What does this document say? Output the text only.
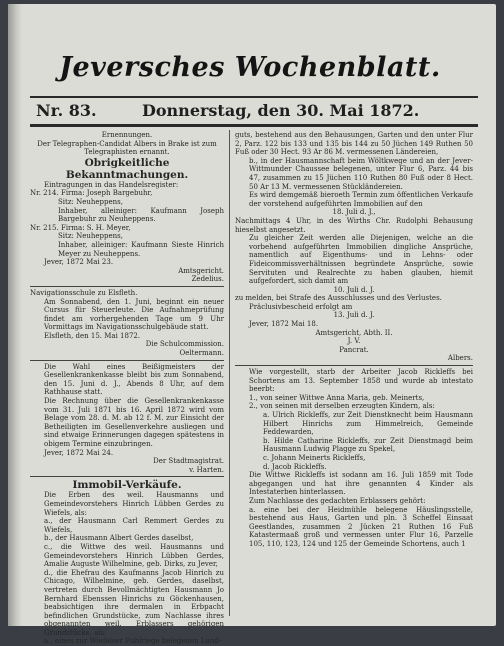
Jeversches Wochenblatt.
Nr. 83.	Donnerstag, den 30. Mai 1872.

Ernennungen.

Der Telegraphen-Candidat Albers in Brake ist zum Telegraphisten ernannt.

Obrigkeitliche Bekanntmachungen.

Eintragungen in das Handelsregister:

Nr. 214. Firma: Joseph Bargebuhr,

Sitz: Neuheppens,

Inhaber, alleiniger: Kaufmann Joseph Bargebuhr zu Neuheppens.

Nr. 215. Firma: S. H. Meyer,

Sitz: Neuheppens,

Inhaber, alleiniger: Kaufmann Sieste Hinrich Meyer zu Neuheppens.

Jever, 1872 Mai 23.

Amtsgericht.

Zedelius.

Navigationsschule zu Elsfleth.

Am Sonnabend, den 1. Juni, beginnt ein neuer Cursus für Steuerleute. Die Aufnahmeprüfung findet am vorhergehenden Tage um 9 Uhr Vormittags im Navigationsschulgebäude statt.

Elsfleth, den 15. Mai 1872.

Die Schulcommission.

Oeltermann.

Die Wahl eines Beißigmeisters der Gesellenkrankenkasse bleibt bis zum Sonnabend, den 15. Juni d. J., Abends 8 Uhr, auf dem Rathhause statt.

Die Rechnung über die Gesellenkrankenkasse vom 31. Juli 1871 bis 16. April 1872 wird vom Belage vom 28. d. M. ab 12 f. M. zur Einsicht der Betheiligten im Gesellenverkehre ausliegen und sind etwaige Erinnerungen dagegen spätestens in obigem Termine einzubringen.

Jever, 1872 Mai 24.

Der Stadtmagistrat.

v. Harten.

Immobil-Verkäufe.

Die Erben des weil. Hausmanns und Gemeindevorstehers Hinrich Lübben Gerdes zu Wiefels, als:

a., der Hausmann Carl Remmert Gerdes zu Wiefels,

b., der Hausmann Albert Gerdes daselbst,

c., die Wittwe des weil. Hausmanns und Gemeindevorstehers Hinrich Lübben Gerdes, Amalie Auguste Wilhelmine, geb. Dirks, zu Jever,

d., die Ehefrau des Kaufmanns Jacob Hinrich zu Chicago, Wilhelmine, geb. Gerdes, daselbst, vertreten durch Bevollmächtigten Hausmann Jo Bernhard Ebenssen Hinrichs zu Göckenhausen, beabsichtigen ihre dermalen in Erbpacht befindlichen Grundstücke, zum Nachlasse ihres obgenannten weil. Erblassers gehörigen Grundstücke, als:

a., eines zur Wiefelser Fuhlriege belegenen Land-

guts, bestehend aus den Behausungen, Garten und den unter Flur 2, Parz. 122 bis 133 und 135 bis 144 zu 50 Jüchen 149 Ruthen 50 Fuß oder 30 Hect. 93 Ar 86 M. vermessenen Ländereien,

b., in der Hausmannschaft beim Wöltkwege und an der Jever-Wittmunder Chaussee belegenen, unter Flur 6, Parz. 44 bis 47, zusammen zu 15 Jüchen 110 Ruthen 80 Fuß oder 8 Hect. 50 Ar 13 M. vermessenen Stückländereien.

Es wird demgemäß bieroeth Termin zum öffentlichen Verkaufe der vorstehend aufgeführten Immobilien auf den

18. Juli d. J.,

Nachmittags 4 Uhr, in des Wirths Chr. Rudolphi Behausung hieselbst angesetzt.

Zu gleicher Zeit werden alle Diejenigen, welche an die vorbehend aufgeführten Immobilien dingliche Ansprüche, namentlich auf Eigenthums- und in Lehns- oder Fideicommissverhältnissen begründete Ansprüche, sowie Servituten und Realrechte zu haben glauben, hiemit aufgefordert, sich damit am

10. Juli d. J.

zu melden, bei Strafe des Ausschlusses und des Verlustes.

Präclusivbescheid erfolgt am

13. Juli d. J.

Jever, 1872 Mai 18.

Amtsgericht, Abth. II.

J. V.

Pancrat.

Albers.

Wie vorgestellt, starb der Arbeiter Jacob Rickleffs bei Schortens am 13. September 1858 und wurde ab intestato beerbt:

1., von seiner Wittwe Anna Maria, geb. Meinerts,

2., von seinen mit derselben erzeugten Kindern, als:

a. Ulrich Rickleffs, zur Zeit Dienstknecht beim Hausmann Hilbert Hinrichs zum Himmelreich, Gemeinde Feddewarden,

b. Hilde Catharine Rickleffs, zur Zeit Dienstmagd beim Hausmann Ludwig Plagge zu Spekel,

c. Johann Meinerts Rickleffs,

d. Jacob Rickleffs.

Die Wittwe Rickleffs ist sodann am 16. Juli 1859 mit Tode abgegangen und hat ihre genannten 4 Kinder als Intestaterben hinterlassen.

Zum Nachlasse des gedachten Erblassers gehört:

a. eine bei der Heidmühle belegene Häuslingsstelle, bestehend aus Haus, Garten und pln. 3 Scheffel Einsaat Geestlandes, zusammen 2 Jücken 21 Ruthen 16 Fuß Katastermaaß groß und vermessen unter Flur 16, Parzelle 105, 110, 123, 124 und 125 der Gemeinde Schortens, auch 1
